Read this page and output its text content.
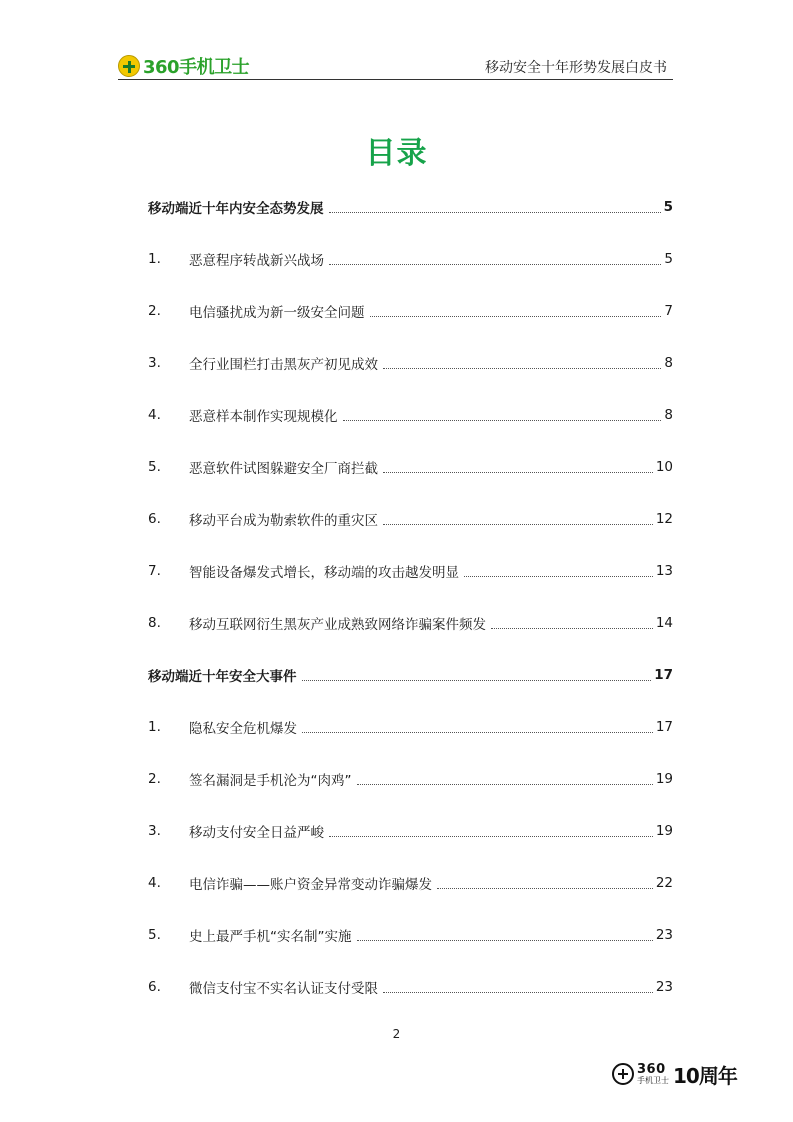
360手机卫士	移动安全十年形势发展白皮书
目录
移动端近十年内安全态势发展	5
1.	恶意程序转战新兴战场	5
2.	电信骚扰成为新一级安全问题	7
3.	全行业围栏打击黑灰产初见成效	8
4.	恶意样本制作实现规模化	8
5.	恶意软件试图躲避安全厂商拦截	10
6.	移动平台成为勒索软件的重灾区	12
7.	智能设备爆发式增长，移动端的攻击越发明显	13
8.	移动互联网衍生黑灰产业成熟致网络诈骗案件频发	14
移动端近十年安全大事件	17
1.	隐私安全危机爆发	17
2.	签名漏洞是手机沦为“肉鸡”	19
3.	移动支付安全日益严峻	19
4.	电信诈骗——账户资金异常变动诈骗爆发	22
5.	史上最严手机“实名制”实施	23
6.	微信支付宝不实名认证支付受限	23
2
360
手机卫士 10周年
